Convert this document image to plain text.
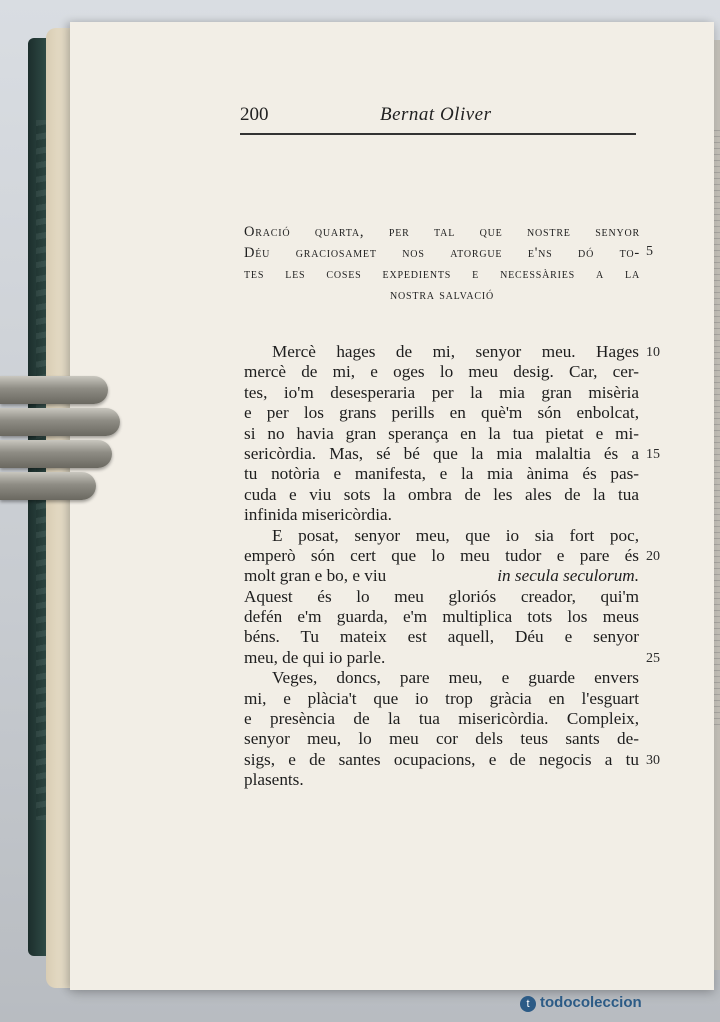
200	Bernat Oliver
Oració quarta, per tal que nostre senyor
Déu graciosamet nos atorgue e'ns dó to-
tes les coses expedients e necessàries a la
nostra salvació
Mercè hages de mi, senyor meu. Hages
mercè de mi, e oges lo meu desig. Car, cer-
tes, io'm desesperaria per la mia gran misèria
e per los grans perills en què'm són enbolcat,
si no havia gran sperança en la tua pietat e mi-
sericòrdia. Mas, sé bé que la mia malaltia és a
tu notòria e manifesta, e la mia ànima és pas-
cuda e viu sots la ombra de les ales de la tua
infinida misericòrdia.
E posat, senyor meu, que io sia fort poc,
emperò són cert que lo meu tudor e pare és
molt gran e bo, e viu	in secula seculorum.
Aquest és lo meu gloriós creador, qui'm
defén e'm guarda, e'm multiplica tots los meus
béns. Tu mateix est aquell, Déu e senyor
meu, de qui io parle.
Veges, doncs, pare meu, e guarde envers
mi, e plàcia't que io trop gràcia en l'esguart
e presència de la tua misericòrdia. Compleix,
senyor meu, lo meu cor dels teus sants de-
sigs, e de santes ocupacions, e de negocis a tu
plasents.
5
10
15
20
25
30
t todocoleccion
